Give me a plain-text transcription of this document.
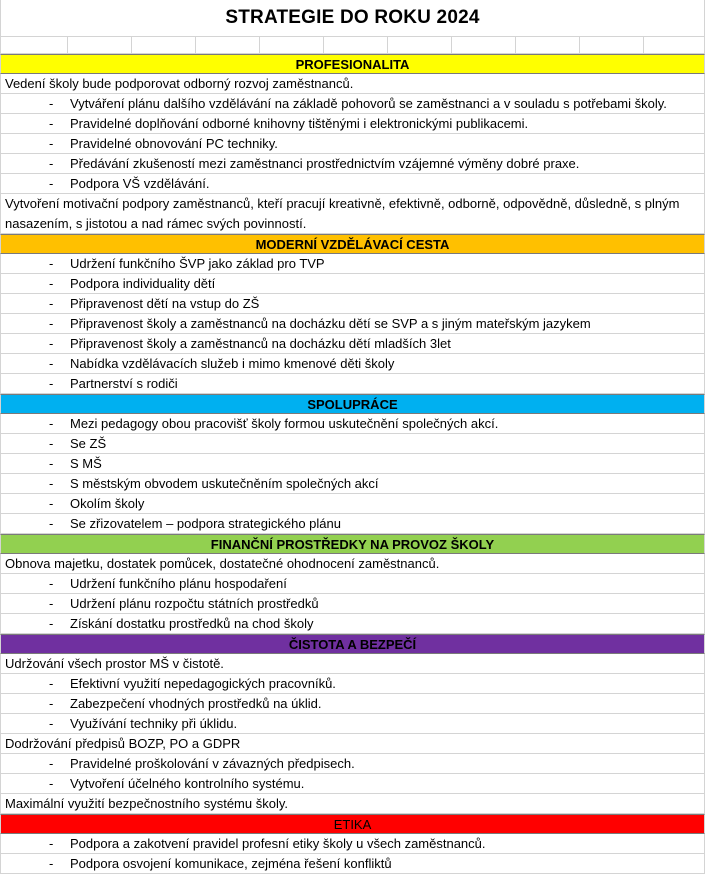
STRATEGIE DO ROKU 2024
PROFESIONALITA
Vedení školy bude podporovat odborný rozvoj zaměstnanců.
- Vytváření plánu dalšího vzdělávání na základě pohovorů se zaměstnanci a v souladu s potřebami školy.
- Pravidelné doplňování odborné knihovny tištěnými i elektronickými publikacemi.
- Pravidelné obnovování PC techniky.
- Předávání zkušeností mezi zaměstnanci prostřednictvím vzájemné výměny dobré praxe.
- Podpora VŠ vzdělávání.
Vytvoření motivační podpory zaměstnanců, kteří pracují kreativně, efektivně, odborně, odpovědně, důsledně, s plným nasazením, s jistotou a nad rámec svých povinností.
MODERNÍ VZDĚLÁVACÍ CESTA
- Udržení funkčního ŠVP jako základ pro TVP
- Podpora individuality dětí
- Připravenost dětí na vstup do ZŠ
- Připravenost školy a zaměstnanců na docházku dětí se SVP a s jiným mateřským jazykem
- Připravenost školy a zaměstnanců na docházku dětí mladších 3let
- Nabídka vzdělávacích služeb i mimo kmenové děti školy
- Partnerství s rodiči
SPOLUPRÁCE
- Mezi pedagogy obou pracovišť školy formou uskutečnění společných akcí.
- Se ZŠ
- S MŠ
- S městským obvodem uskutečněním společných akcí
- Okolím školy
- Se zřizovatelem – podpora strategického plánu
FINANČNÍ PROSTŘEDKY NA PROVOZ ŠKOLY
Obnova majetku, dostatek pomůcek, dostatečné ohodnocení zaměstnanců.
- Udržení funkčního plánu hospodaření
- Udržení plánu rozpočtu státních prostředků
- Získání dostatku prostředků na chod školy
ČISTOTA A BEZPEČÍ
Udržování všech prostor MŠ v čistotě.
- Efektivní využití nepedagogických pracovníků.
- Zabezpečení vhodných prostředků na úklid.
- Využívání techniky při úklidu.
Dodržování předpisů BOZP, PO a GDPR
- Pravidelné proškolování v závazných předpisech.
- Vytvoření účelného kontrolního systému.
Maximální využití bezpečnostního systému školy.
ETIKA
- Podpora a zakotvení pravidel profesní etiky školy u všech zaměstnanců.
- Podpora osvojení komunikace, zejména řešení konfliktů
